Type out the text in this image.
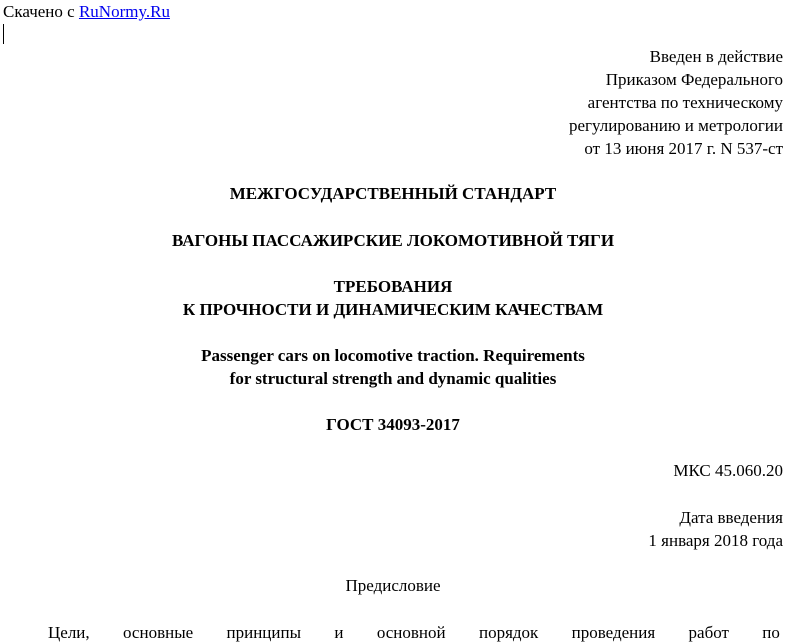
Скачено с RuNormy.Ru
Введен в действие
Приказом Федерального
агентства по техническому
регулированию и метрологии
от 13 июня 2017 г. N 537-ст
МЕЖГОСУДАРСТВЕННЫЙ СТАНДАРТ
ВАГОНЫ ПАССАЖИРСКИЕ ЛОКОМОТИВНОЙ ТЯГИ
ТРЕБОВАНИЯ
К ПРОЧНОСТИ И ДИНАМИЧЕСКИМ КАЧЕСТВАМ
Passenger cars on locomotive traction. Requirements
for structural strength and dynamic qualities
ГОСТ 34093-2017
МКС 45.060.20
Дата введения
1 января 2018 года
Предисловие
Цели, основные принципы и основной порядок проведения работ по
